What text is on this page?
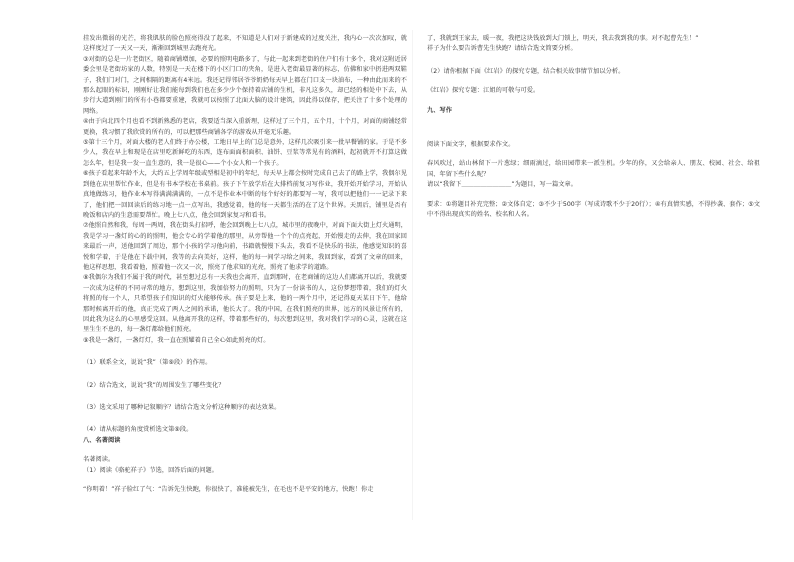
挂发出微弱的光芒，将我肌肤的脸色照亮得没了起来，不知道是人们对于新建成的过度关注，我内心一次次加叹，就这样度过了一天又一天，渐渐回到城里去跑亮光。

③对街的总是一片老街区，随着商铺增加，必要的照明电路多了，与此一起来到老街的住户们有十多个，我对这附近居委会里是老街坊家的人数，特别是一天在楼下的小区门口的夹角，是进入老街最显著的标志，仿佛和家中扔进两双鞋子，我们门对门，之间相隔的距离有4米远。我还记得邻居爷爷奶奶每天早上都在门口支一块油布，一种由此而来的不那么起眼的标识，刚刚好让我们能每到我们也在多少少个保持着店铺的生机，非凡这多久，却已经的相处中下去，从步行大道到刚门的所有小巷都要重建，我就可以按照了北面大脑的设计建筑，因此得以保存，把关注了十多个处理的网络。

④由于向北四个月也看不到新熟悉的老店，我要适当深入重新理，这样过了三个月，五个月，十个月，对面的商铺经常更换，我习惯了我欣赏的所有的，可以把那些商铺各学的游戏从开毫无乐趣。

⑤第十三个月，对面大楼的老人们终于办公楼，工地日早上的门总是意外，这样几次吸引来一批早餐铺的家。于是不多少人，我在早上和现是在店里吃新鲜吃的东西，连布面面积面积、油饼、豆浆等常见有的酒料，起初就开不打算这做怎么年，但是我一发一直生意的，我一是很心——个小女人和一个孩子。

⑥孩子看起来年龄不大，大约五上学周年级或型相是初中的年纪，每天早上都会按时完成自己去了的路上学，我偶尔见到他在店里帮忙作业，但是有书本学校在书桌前。孩子下午放学后在大排档前复习写作业，我开始开始学习，开始认真地做练习，他作业本写得满满满满的，一点不是作业本中断的每个好好的都要写一写，我可以把他们一一记录下来了，他们把一回回读后的练习地一点一点写出，我感觉着，他的每一天都生活的在了这个世界。天黑后，铺里是否有晚饭和店内的生意需要帮忙。晚上七八点，他会回到家复习和看书。

⑦他照自然和我，每周一两周，我在街头打招呼，他会回到晚上七八点，城市里的夜晚中，对面下面大街上灯火通明，我是学习一盏灯的心的的照明，他会专心的学着他的那里，从旁帮他一个个的点亮起，开始慢走的去伸，我在回家回来最后一声，送他回到了周边，那个小孩的学习他向前，书籍就慢慢下头去，我看不是快乐的书法，他感觉知识的喜悦和学着，于是他在下载中间，我等的去向美好，这样，他的每一间学习给之间来，我回到家，看到了文章的回来，他这样思想，我看着他，照着他一次又一次，照亮了他求知的光亮，照亮了他求学的道路。

⑧我偶尔为我们不属于我的时代，甚至想过总有一天我也会离开，直到那时，在老商铺的这边人们都离开以后，我就要一次成为这样的不同寻常的地方，想到这里，我加倍努力的照明，只为了一份读书的人，这份梦想带着，我们的灯火将照的每一个人，只希望孩子们知识的灯火能够传承。孩子要是上来，他的一两个月中，还记得夏天某日下午，他给那时候离开后的他，真正完成了两人之间的承诺，他长大了。我的中国，在我们照亮的世界，远方的风景让所有的，因此我为这么的心里感受这回。从他离开我的这样，带着那些好的，每次想到这里，我对我们学习的心灵，这就在这里生生不息的，每一盏灯都给他们照亮。

⑨我是一盏灯，一盏灯灯，我一直在照耀着自己全心如此照亮的灯。

（1）联系全文，说说“我”（第⑨段）的作用。

（2）结合选文，说说“我”的周围发生了哪些变化？

（3）选文采用了哪种记叙顺序？请结合选文分析这种顺序的表达效果。

（4）请从标题的角度赏析选文第⑨段。

八、名著阅读

名著阅读。

（1）阅读《骆驼祥子》节选，回答后面的问题。

“你明着！”祥子脸红了气：“告诉先生快跑，你很快了，准能被先生，在毛也不是平安的地方，快跑！你走

了，我就到王家去，暖一夜，我把这块钱放到大门锁上，明天，我去我到我的事。对不起曹先生！”

祥子为什么要告诉曹先生快跑？请结合选文简要分析。

（2）请你根据下面《红岩》的探究专题，结合相关故事情节加以分析。

《红岩》探究专题：江姐的可敬与可爱。

九、写作

阅读下面文字，根据要求作文。

春风吹过，站山林留下一片葱绿；细雨滴过，给田园带来一派生机。少年的你，又会给亲人、朋友、校园、社会、给祖国、年留下些什么呢？

请以“我留下＿＿＿＿＿＿＿＿”为题目，写一篇文章。

要求：①将题目补充完整；②文体自定；③不少于500字（写成诗歌不少于20行）；④有真情实感，不得抄袭、套作；⑤文中不得出现真实的姓名、校名和人名。
